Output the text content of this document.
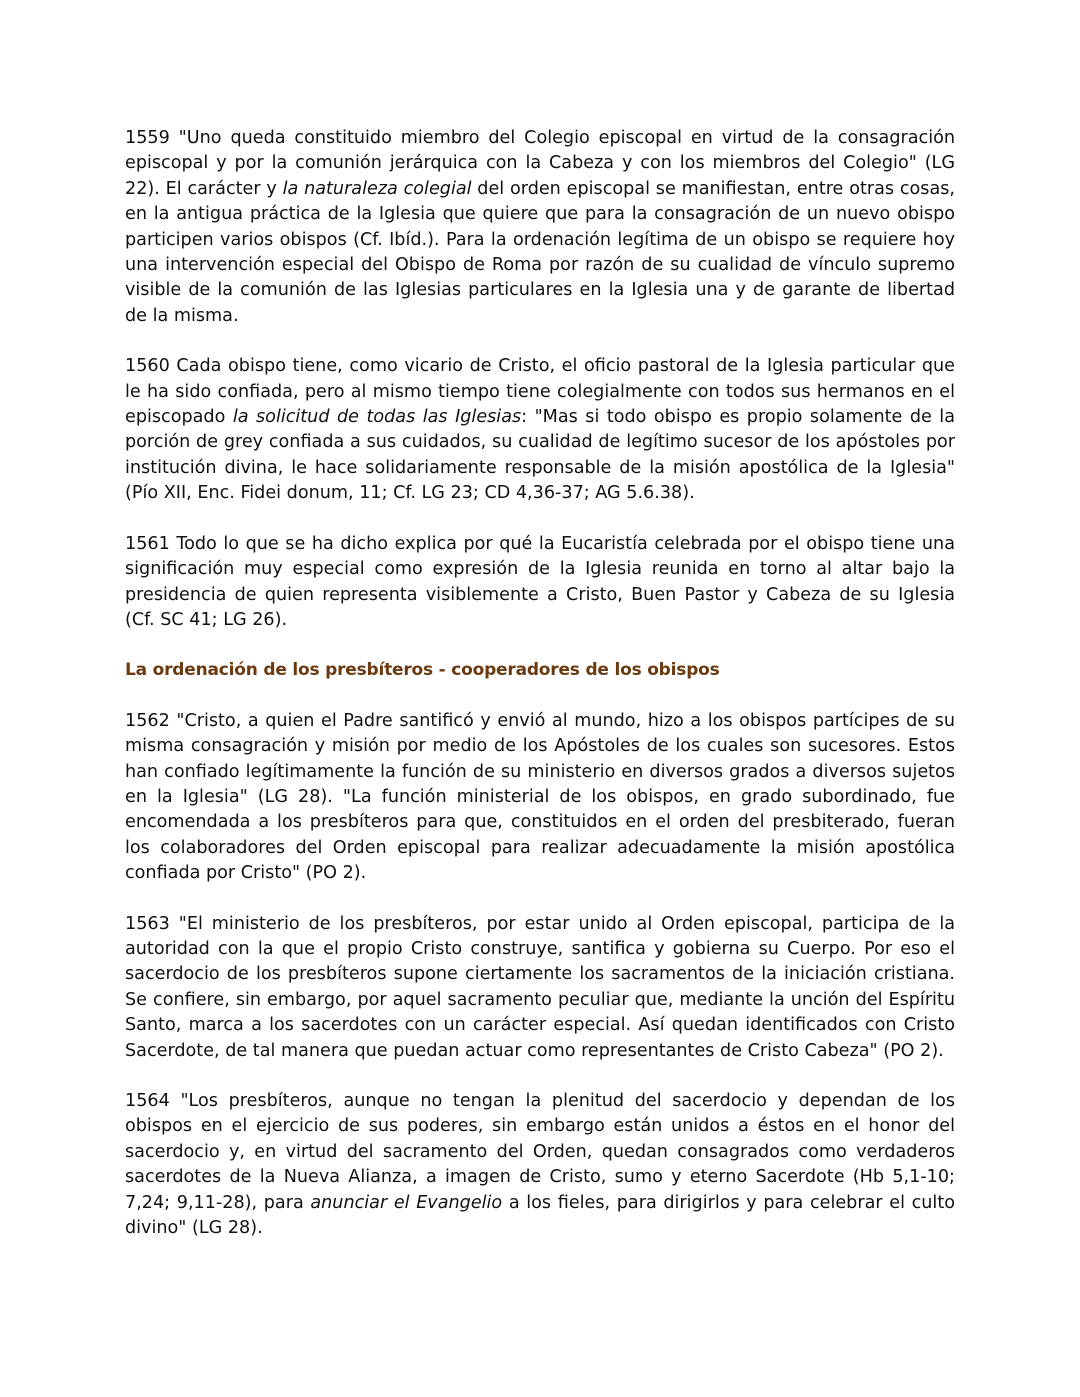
1559 "Uno queda constituido miembro del Colegio episcopal en virtud de la consagración episcopal y por la comunión jerárquica con la Cabeza y con los miembros del Colegio" (LG 22). El carácter y la naturaleza colegial del orden episcopal se manifiestan, entre otras cosas, en la antigua práctica de la Iglesia que quiere que para la consagración de un nuevo obispo participen varios obispos (Cf. Ibíd.). Para la ordenación legítima de un obispo se requiere hoy una intervención especial del Obispo de Roma por razón de su cualidad de vínculo supremo visible de la comunión de las Iglesias particulares en la Iglesia una y de garante de libertad de la misma.

1560 Cada obispo tiene, como vicario de Cristo, el oficio pastoral de la Iglesia particular que le ha sido confiada, pero al mismo tiempo tiene colegialmente con todos sus hermanos en el episcopado la solicitud de todas las Iglesias: "Mas si todo obispo es propio solamente de la porción de grey confiada a sus cuidados, su cualidad de legítimo sucesor de los apóstoles por institución divina, le hace solidariamente responsable de la misión apostólica de la Iglesia" (Pío XII, Enc. Fidei donum, 11; Cf. LG 23; CD 4,36-37; AG 5.6.38).

1561 Todo lo que se ha dicho explica por qué la Eucaristía celebrada por el obispo tiene una significación muy especial como expresión de la Iglesia reunida en torno al altar bajo la presidencia de quien representa visiblemente a Cristo, Buen Pastor y Cabeza de su Iglesia (Cf. SC 41; LG 26).

La ordenación de los presbíteros - cooperadores de los obispos

1562 "Cristo, a quien el Padre santificó y envió al mundo, hizo a los obispos partícipes de su misma consagración y misión por medio de los Apóstoles de los cuales son sucesores. Estos han confiado legítimamente la función de su ministerio en diversos grados a diversos sujetos en la Iglesia" (LG 28). "La función ministerial de los obispos, en grado subordinado, fue encomendada a los presbíteros para que, constituidos en el orden del presbiterado, fueran los colaboradores del Orden episcopal para realizar adecuadamente la misión apostólica confiada por Cristo" (PO 2).

1563 "El ministerio de los presbíteros, por estar unido al Orden episcopal, participa de la autoridad con la que el propio Cristo construye, santifica y gobierna su Cuerpo. Por eso el sacerdocio de los presbíteros supone ciertamente los sacramentos de la iniciación cristiana. Se confiere, sin embargo, por aquel sacramento peculiar que, mediante la unción del Espíritu Santo, marca a los sacerdotes con un carácter especial. Así quedan identificados con Cristo Sacerdote, de tal manera que puedan actuar como representantes de Cristo Cabeza" (PO 2).

1564 "Los presbíteros, aunque no tengan la plenitud del sacerdocio y dependan de los obispos en el ejercicio de sus poderes, sin embargo están unidos a éstos en el honor del sacerdocio y, en virtud del sacramento del Orden, quedan consagrados como verdaderos sacerdotes de la Nueva Alianza, a imagen de Cristo, sumo y eterno Sacerdote (Hb 5,1-10; 7,24; 9,11-28), para anunciar el Evangelio a los fieles, para dirigirlos y para celebrar el culto divino" (LG 28).
